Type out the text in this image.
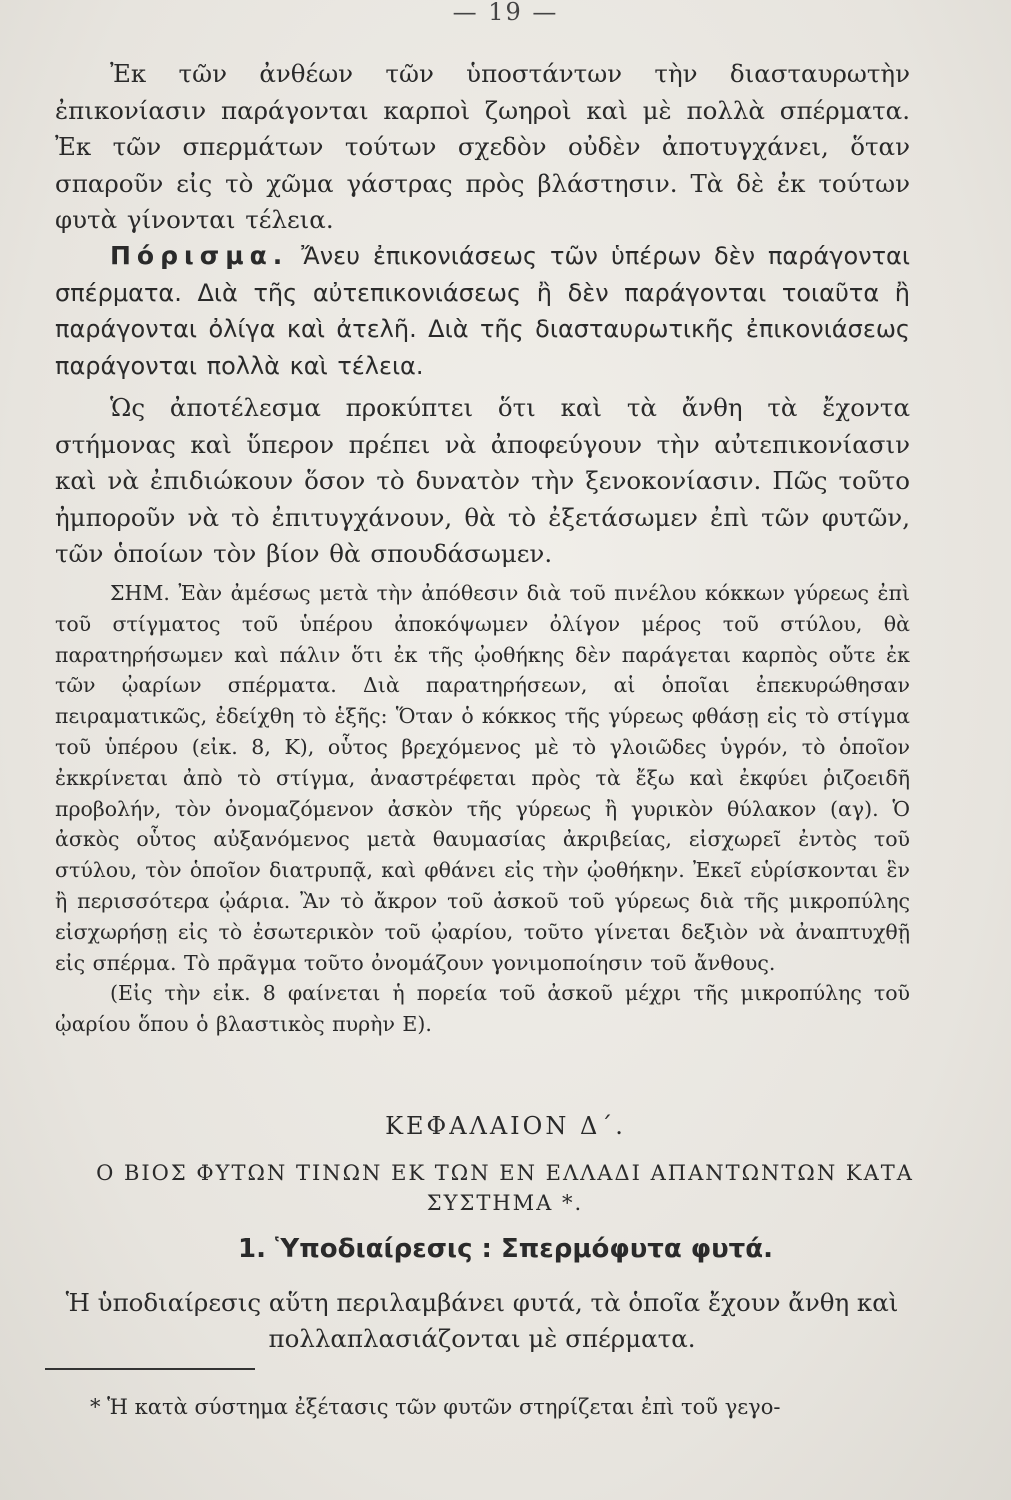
— 19 —

Ἐκ τῶν ἀνθέων τῶν ὑποστάντων τὴν διασταυρωτὴν ἐπικονίασιν παράγονται καρποὶ ζωηροὶ καὶ μὲ πολλὰ σπέρματα. Ἐκ τῶν σπερμάτων τούτων σχεδὸν οὐδὲν ἀποτυγχάνει, ὅταν σπαροῦν εἰς τὸ χῶμα γάστρας πρὸς βλάστησιν. Τὰ δὲ ἐκ τούτων φυτὰ γίνονται τέλεια.

Πόρισμα. Ἄνευ ἐπικονιάσεως τῶν ὑπέρων δὲν παράγονται σπέρματα. Διὰ τῆς αὐτεπικονιάσεως ἢ δὲν παράγονται τοιαῦτα ἢ παράγονται ὀλίγα καὶ ἀτελῆ. Διὰ τῆς διασταυρωτικῆς ἐπικονιάσεως παράγονται πολλὰ καὶ τέλεια.

Ὡς ἀποτέλεσμα προκύπτει ὅτι καὶ τὰ ἄνθη τὰ ἔχοντα στήμονας καὶ ὕπερον πρέπει νὰ ἀποφεύγουν τὴν αὐτεπικονίασιν καὶ νὰ ἐπιδιώκουν ὅσον τὸ δυνατὸν τὴν ξενοκονίασιν. Πῶς τοῦτο ἠμποροῦν νὰ τὸ ἐπιτυγχάνουν, θὰ τὸ ἐξετάσωμεν ἐπὶ τῶν φυτῶν, τῶν ὁποίων τὸν βίον θὰ σπουδάσωμεν.

ΣΗΜ. Ἐὰν ἀμέσως μετὰ τὴν ἀπόθεσιν διὰ τοῦ πινέλου κόκκων γύρεως ἐπὶ τοῦ στίγματος τοῦ ὑπέρου ἀποκόψωμεν ὀλίγον μέρος τοῦ στύλου, θὰ παρατηρήσωμεν καὶ πάλιν ὅτι ἐκ τῆς ᾠοθήκης δὲν παράγεται καρπὸς οὔτε ἐκ τῶν ᾠαρίων σπέρματα. Διὰ παρατηρήσεων, αἱ ὁποῖαι ἐπεκυρώθησαν πειραματικῶς, ἐδείχθη τὸ ἑξῆς: Ὅταν ὁ κόκκος τῆς γύρεως φθάσῃ εἰς τὸ στίγμα τοῦ ὑπέρου (εἰκ. 8, Κ), οὗτος βρεχόμενος μὲ τὸ γλοιῶδες ὑγρόν, τὸ ὁποῖον ἐκκρίνεται ἀπὸ τὸ στίγμα, ἀναστρέφεται πρὸς τὰ ἔξω καὶ ἐκφύει ῥιζοειδῆ προβολήν, τὸν ὀνομαζόμενον ἀσκὸν τῆς γύρεως ἢ γυρικὸν θύλακον (αγ). Ὁ ἀσκὸς οὗτος αὐξανόμενος μετὰ θαυμασίας ἀκριβείας, εἰσχωρεῖ ἐντὸς τοῦ στύλου, τὸν ὁποῖον διατρυπᾷ, καὶ φθάνει εἰς τὴν ᾠοθήκην. Ἐκεῖ εὑρίσκονται ἓν ἢ περισσότερα ᾠάρια. Ἂν τὸ ἄκρον τοῦ ἀσκοῦ τοῦ γύρεως διὰ τῆς μικροπύλης εἰσχωρήσῃ εἰς τὸ ἐσωτερικὸν τοῦ ᾠαρίου, τοῦτο γίνεται δεξιὸν νὰ ἀναπτυχθῇ εἰς σπέρμα. Τὸ πρᾶγμα τοῦτο ὀνομάζουν γονιμοποίησιν τοῦ ἄνθους.

(Εἰς τὴν εἰκ. 8 φαίνεται ἡ πορεία τοῦ ἀσκοῦ μέχρι τῆς μικροπύλης τοῦ ᾠαρίου ὅπου ὁ βλαστικὸς πυρὴν Ε).

ΚΕΦΑΛΑΙΟΝ Δ΄.
Ο ΒΙΟΣ ΦΥΤΩΝ ΤΙΝΩΝ ΕΚ ΤΩΝ ΕΝ ΕΛΛΑΔΙ ΑΠΑΝΤΩΝΤΩΝ ΚΑΤΑ ΣΥΣΤΗΜΑ *.
1. Ὑποδιαίρεσις : Σπερμόφυτα φυτά.

Ἡ ὑποδιαίρεσις αὕτη περιλαμβάνει φυτά, τὰ ὁποῖα ἔχουν ἄνθη καὶ πολλαπλασιάζονται μὲ σπέρματα.

* Ἡ κατὰ σύστημα ἐξέτασις τῶν φυτῶν στηρίζεται ἐπὶ τοῦ γεγο-
